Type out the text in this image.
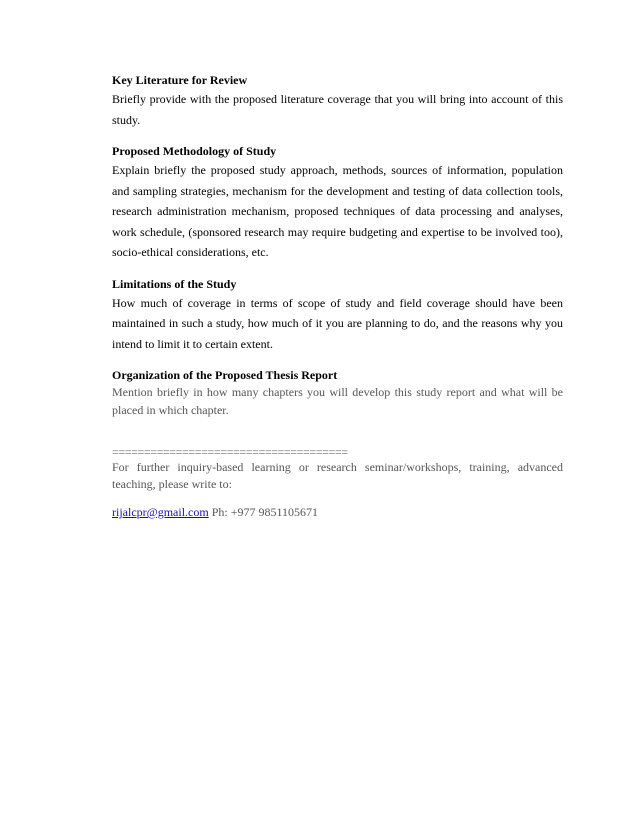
Key Literature for Review

Briefly provide with the proposed literature coverage that you will bring into account of this study.

Proposed Methodology of Study

Explain briefly the proposed study approach, methods, sources of information, population and sampling strategies, mechanism for the development and testing of data collection tools, research administration mechanism, proposed techniques of data processing and analyses, work schedule, (sponsored research may require budgeting and expertise to be involved too), socio-ethical considerations, etc.

Limitations of the Study

How much of coverage in terms of scope of study and field coverage should have been maintained in such a study, how much of it you are planning to do, and the reasons why you intend to limit it to certain extent.

Organization of the Proposed Thesis Report

Mention briefly in how many chapters you will develop this study report and what will be placed in which chapter.

=====================================

For further inquiry-based learning or research seminar/workshops, training, advanced teaching, please write to:

rijalcpr@gmail.com Ph: +977 9851105671
